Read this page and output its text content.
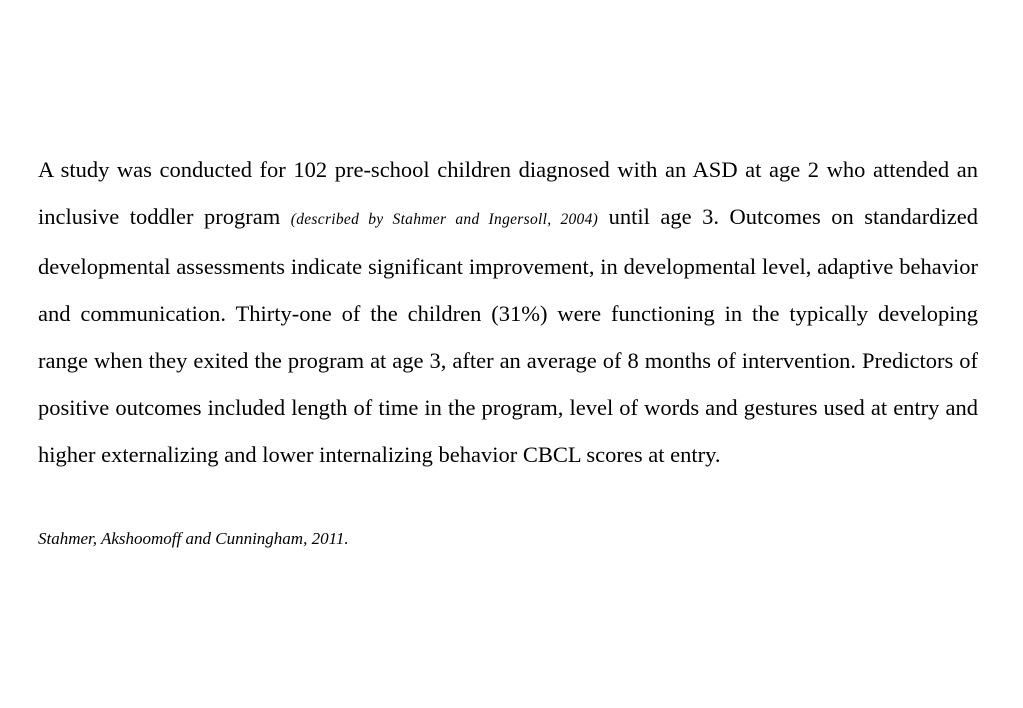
A study was conducted for 102 pre-school children diagnosed with an ASD at age 2 who attended an inclusive toddler program (described by Stahmer and Ingersoll, 2004) until age 3. Outcomes on standardized developmental assessments indicate significant improvement, in developmental level, adaptive behavior and communication. Thirty-one of the children (31%) were functioning in the typically developing range when they exited the program at age 3, after an average of 8 months of intervention. Predictors of positive outcomes included length of time in the program, level of words and gestures used at entry and higher externalizing and lower internalizing behavior CBCL scores at entry.

Stahmer, Akshoomoff and Cunningham, 2011.
